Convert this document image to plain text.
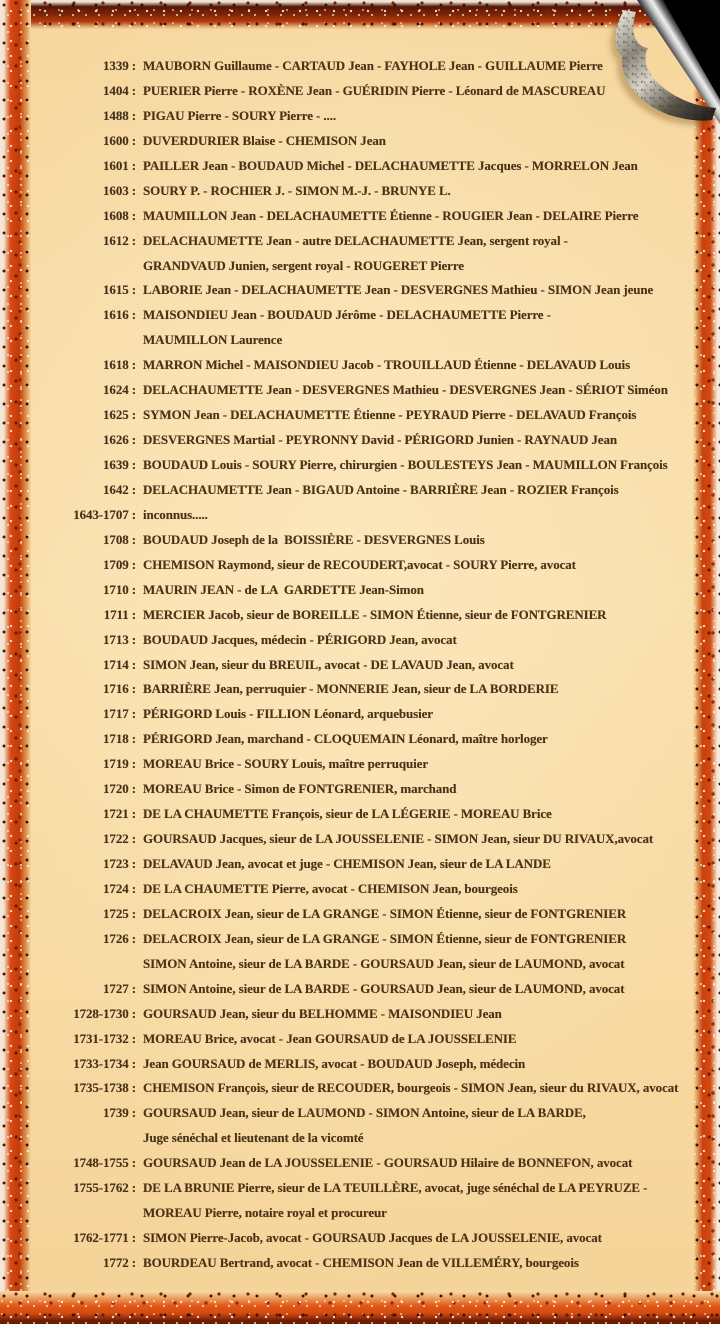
1339 : MAUBORN Guillaume - CARTAUD Jean - FAYHOLE Jean - GUILLAUME Pierre
1404 : PUERIER Pierre - ROXÈNE Jean - GUÉRIDIN Pierre - Léonard de MASCUREAU
1488 : PIGAU Pierre - SOURY Pierre - ....
1600 : DUVERDURIER Blaise - CHEMISON Jean
1601 : PAILLER Jean - BOUDAUD Michel - DELACHAUMETTE Jacques - MORRELON Jean
1603 : SOURY P. - ROCHIER J. - SIMON M.-J. - BRUNYE L.
1608 : MAUMILLON Jean - DELACHAUMETTE Étienne - ROUGIER Jean - DELAIRE Pierre
1612 : DELACHAUMETTE Jean - autre DELACHAUMETTE Jean, sergent royal -
GRANDVAUD Junien, sergent royal - ROUGERET Pierre
1615 : LABORIE Jean - DELACHAUMETTE Jean - DESVERGNES Mathieu - SIMON Jean jeune
1616 : MAISONDIEU Jean - BOUDAUD Jérôme - DELACHAUMETTE Pierre -
MAUMILLON Laurence
1618 : MARRON Michel - MAISONDIEU Jacob - TROUILLAUD Étienne - DELAVAUD Louis
1624 : DELACHAUMETTE Jean - DESVERGNES Mathieu - DESVERGNES Jean - SÉRIOT Siméon
1625 : SYMON Jean - DELACHAUMETTE Étienne - PEYRAUD Pierre - DELAVAUD François
1626 : DESVERGNES Martial - PEYRONNY David - PÉRIGORD Junien - RAYNAUD Jean
1639 : BOUDAUD Louis - SOURY Pierre, chirurgien - BOULESTEYS Jean - MAUMILLON François
1642 : DELACHAUMETTE Jean - BIGAUD Antoine - BARRIÈRE Jean - ROZIER François
1643-1707 : inconnus.....
1708 : BOUDAUD Joseph de la  BOISSIÈRE - DESVERGNES Louis
1709 : CHEMISON Raymond, sieur de RECOUDERT,avocat - SOURY Pierre, avocat
1710 : MAURIN JEAN - de LA  GARDETTE Jean-Simon
1711 : MERCIER Jacob, sieur de BOREILLE - SIMON Étienne, sieur de FONTGRENIER
1713 : BOUDAUD Jacques, médecin - PÉRIGORD Jean, avocat
1714 : SIMON Jean, sieur du BREUIL, avocat - DE LAVAUD Jean, avocat
1716 : BARRIÈRE Jean, perruquier - MONNERIE Jean, sieur de LA BORDERIE
1717 : PÉRIGORD Louis - FILLION Léonard, arquebusier
1718 : PÉRIGORD Jean, marchand - CLOQUEMAIN Léonard, maître horloger
1719 : MOREAU Brice - SOURY Louis, maître perruquier
1720 : MOREAU Brice - Simon de FONTGRENIER, marchand
1721 : DE LA CHAUMETTE François, sieur de LA LÉGERIE - MOREAU Brice
1722 : GOURSAUD Jacques, sieur de LA JOUSSELENIE - SIMON Jean, sieur DU RIVAUX,avocat
1723 : DELAVAUD Jean, avocat et juge - CHEMISON Jean, sieur de LA LANDE
1724 : DE LA CHAUMETTE Pierre, avocat - CHEMISON Jean, bourgeois
1725 : DELACROIX Jean, sieur de LA GRANGE - SIMON Étienne, sieur de FONTGRENIER
1726 : DELACROIX Jean, sieur de LA GRANGE - SIMON Étienne, sieur de FONTGRENIER
SIMON Antoine, sieur de LA BARDE - GOURSAUD Jean, sieur de LAUMOND, avocat
1727 : SIMON Antoine, sieur de LA BARDE - GOURSAUD Jean, sieur de LAUMOND, avocat
1728-1730 : GOURSAUD Jean, sieur du BELHOMME - MAISONDIEU Jean
1731-1732 : MOREAU Brice, avocat - Jean GOURSAUD de LA JOUSSELENIE
1733-1734 : Jean GOURSAUD de MERLIS, avocat - BOUDAUD Joseph, médecin
1735-1738 : CHEMISON François, sieur de RECOUDER, bourgeois - SIMON Jean, sieur du RIVAUX, avocat
1739 : GOURSAUD Jean, sieur de LAUMOND - SIMON Antoine, sieur de LA BARDE,
Juge sénéchal et lieutenant de la vicomté
1748-1755 : GOURSAUD Jean de LA JOUSSELENIE - GOURSAUD Hilaire de BONNEFON, avocat
1755-1762 : DE LA BRUNIE Pierre, sieur de LA TEUILLÈRE, avocat, juge sénéchal de LA PEYRUZE -
MOREAU Pierre, notaire royal et procureur
1762-1771 : SIMON Pierre-Jacob, avocat - GOURSAUD Jacques de LA JOUSSELENIE, avocat
1772 : BOURDEAU Bertrand, avocat - CHEMISON Jean de VILLEMÉRY, bourgeois
